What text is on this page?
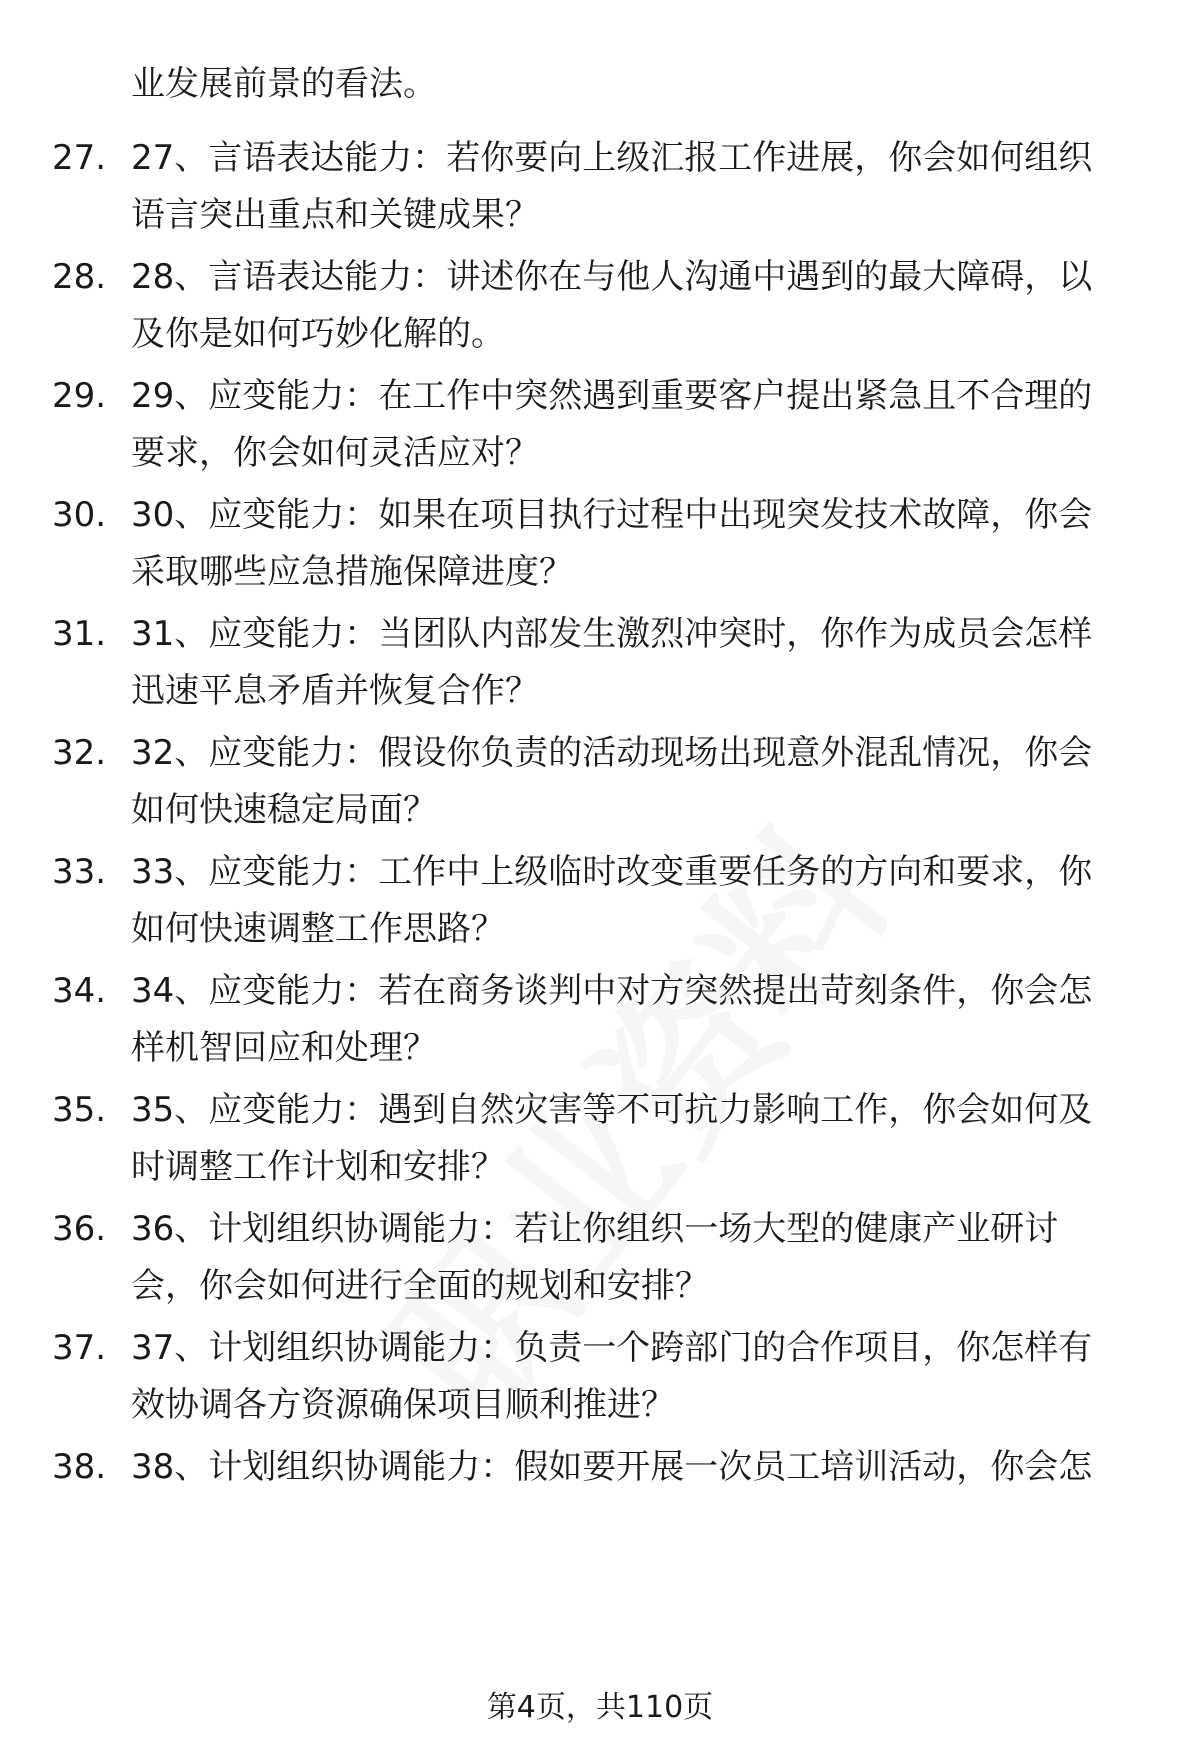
业发展前景的看法。
27. 27、言语表达能力：若你要向上级汇报工作进展，你会如何组织
语言突出重点和关键成果？
28. 28、言语表达能力：讲述你在与他人沟通中遇到的最大障碍，以
及你是如何巧妙化解的。
29. 29、应变能力：在工作中突然遇到重要客户提出紧急且不合理的
要求，你会如何灵活应对？
30. 30、应变能力：如果在项目执行过程中出现突发技术故障，你会
采取哪些应急措施保障进度？
31. 31、应变能力：当团队内部发生激烈冲突时，你作为成员会怎样
迅速平息矛盾并恢复合作？
32. 32、应变能力：假设你负责的活动现场出现意外混乱情况，你会
如何快速稳定局面？
33. 33、应变能力：工作中上级临时改变重要任务的方向和要求，你
如何快速调整工作思路？
34. 34、应变能力：若在商务谈判中对方突然提出苛刻条件，你会怎
样机智回应和处理？
35. 35、应变能力：遇到自然灾害等不可抗力影响工作，你会如何及
时调整工作计划和安排？
36. 36、计划组织协调能力：若让你组织一场大型的健康产业研讨
会，你会如何进行全面的规划和安排？
37. 37、计划组织协调能力：负责一个跨部门的合作项目，你怎样有
效协调各方资源确保项目顺利推进？
38. 38、计划组织协调能力：假如要开展一次员工培训活动，你会怎
第4页，共110页
